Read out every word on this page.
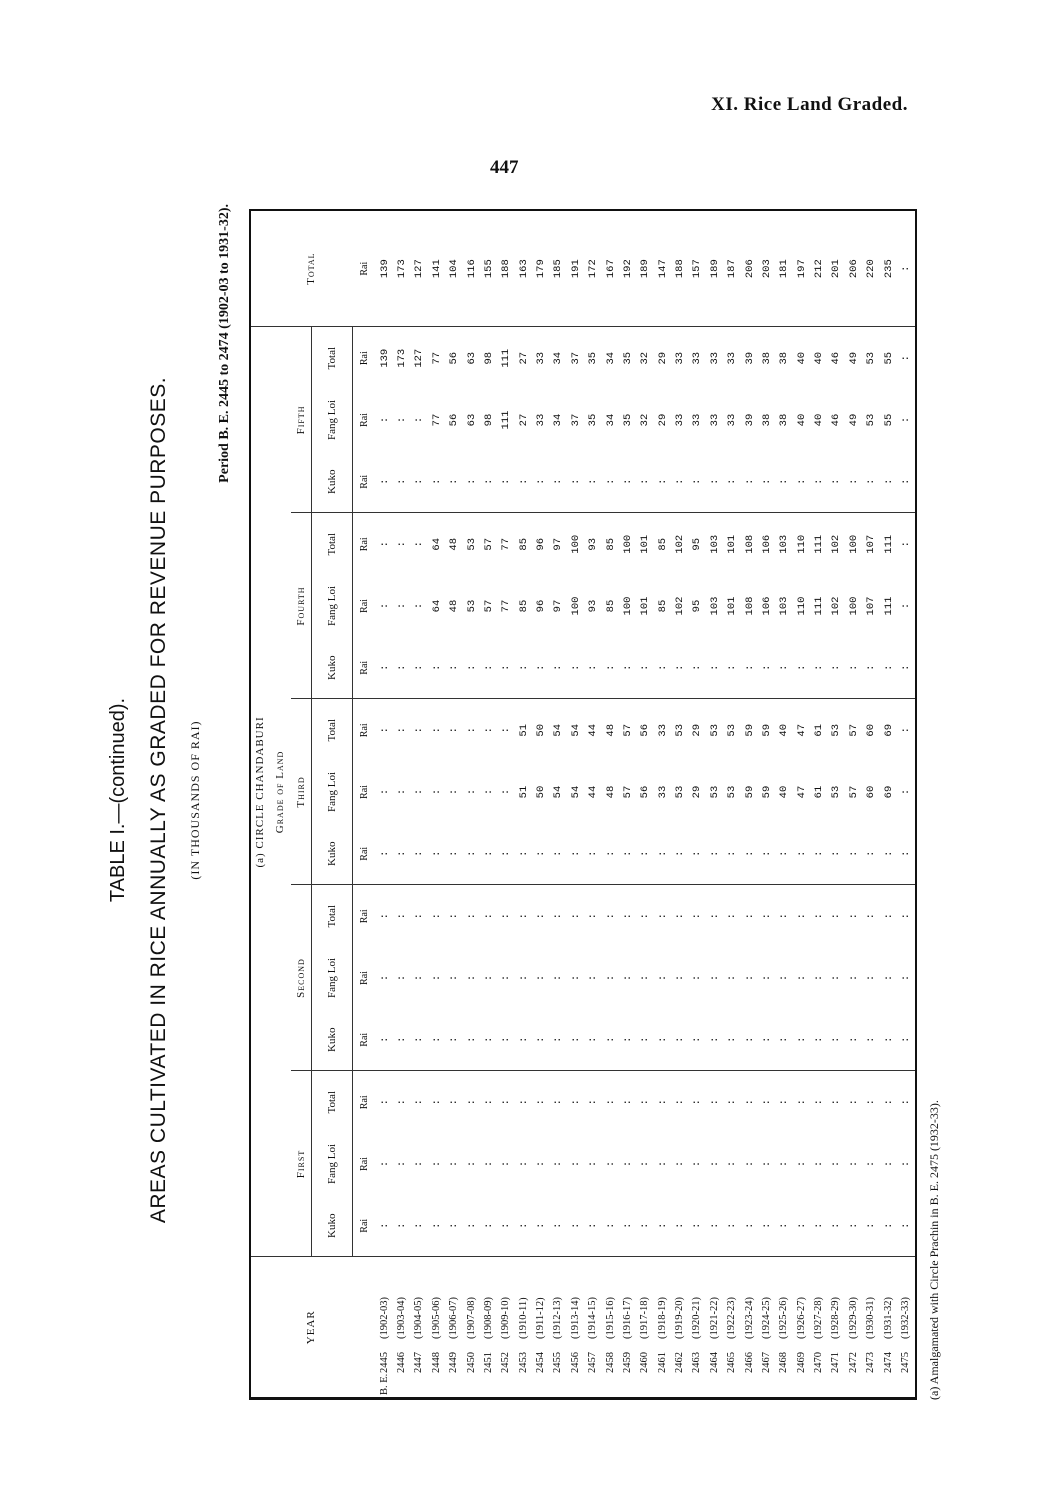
XI. Rice Land Graded.
447
TABLE I.—(continued). AREAS CULTIVATED IN RICE ANNUALLY AS GRADED FOR REVENUE PURPOSES. (IN THOUSANDS OF RAI)
Period B. E. 2445 to 2474 (1902-03 to 1931-32).
	(a) CIRCLE CHANDABURI															
YEAR	Grade of Land															Total
	First			Second			Third			Fourth			Fifth			
	Kuko	Fang Loi	Total	Kuko	Fang Loi	Total	Kuko	Fang Loi	Total	Kuko	Fang Loi	Total	Kuko	Fang Loi	Total	
	Rai	Rai	Rai	Rai	Rai	Rai	Rai	Rai	Rai	Rai	Rai	Rai	Rai	Rai	Rai	Rai
B. E.2445(1902-03)	:	:	:	:	:	:	:	:	:	:	:	:	:	:	139	139
2446(1903-04)	:	:	:	:	:	:	:	:	:	:	:	:	:	:	173	173
2447(1904-05)	:	:	:	:	:	:	:	:	:	:	:	:	:	:	127	127
2448(1905-06)	:	:	:	:	:	:	:	:	:	:	64	64	:	77	77	141
2449(1906-07)	:	:	:	:	:	:	:	:	:	:	48	48	:	56	56	104
2450(1907-08)	:	:	:	:	:	:	:	:	:	:	53	53	:	63	63	116
2451(1908-09)	:	:	:	:	:	:	:	:	:	:	57	57	:	98	98	155
2452(1909-10)	:	:	:	:	:	:	:	:	:	:	77	77	:	111	111	188
2453(1910-11)	:	:	:	:	:	:	:	51	51	:	85	85	:	27	27	163
2454(1911-12)	:	:	:	:	:	:	:	50	50	:	96	96	:	33	33	179
2455(1912-13)	:	:	:	:	:	:	:	54	54	:	97	97	:	34	34	185
2456(1913-14)	:	:	:	:	:	:	:	54	54	:	100	100	:	37	37	191
2457(1914-15)	:	:	:	:	:	:	:	44	44	:	93	93	:	35	35	172
2458(1915-16)	:	:	:	:	:	:	:	48	48	:	85	85	:	34	34	167
2459(1916-17)	:	:	:	:	:	:	:	57	57	:	100	100	:	35	35	192
2460(1917-18)	:	:	:	:	:	:	:	56	56	:	101	101	:	32	32	189
2461(1918-19)	:	:	:	:	:	:	:	33	33	:	85	85	:	29	29	147
2462(1919-20)	:	:	:	:	:	:	:	53	53	:	102	102	:	33	33	188
2463(1920-21)	:	:	:	:	:	:	:	29	29	:	95	95	:	33	33	157
2464(1921-22)	:	:	:	:	:	:	:	53	53	:	103	103	:	33	33	189
2465(1922-23)	:	:	:	:	:	:	:	53	53	:	101	101	:	33	33	187
2466(1923-24)	:	:	:	:	:	:	:	59	59	:	108	108	:	39	39	206
2467(1924-25)	:	:	:	:	:	:	:	59	59	:	106	106	:	38	38	203
2468(1925-26)	:	:	:	:	:	:	:	40	40	:	103	103	:	38	38	181
2469(1926-27)	:	:	:	:	:	:	:	47	47	:	110	110	:	40	40	197
2470(1927-28)	:	:	:	:	:	:	:	61	61	:	111	111	:	40	40	212
2471(1928-29)	:	:	:	:	:	:	:	53	53	:	102	102	:	46	46	201
2472(1929-30)	:	:	:	:	:	:	:	57	57	:	100	100	:	49	49	206
2473(1930-31)	:	:	:	:	:	:	:	60	60	:	107	107	:	53	53	220
2474(1931-32)	:	:	:	:	:	:	:	69	69	:	111	111	:	55	55	235
2475(1932-33)	:	:	:	:	:	:	:	:	:	:	:	:	:	:	:	:
(a) Amalgamated with Circle Prachin in B. E. 2475 (1932-33).
